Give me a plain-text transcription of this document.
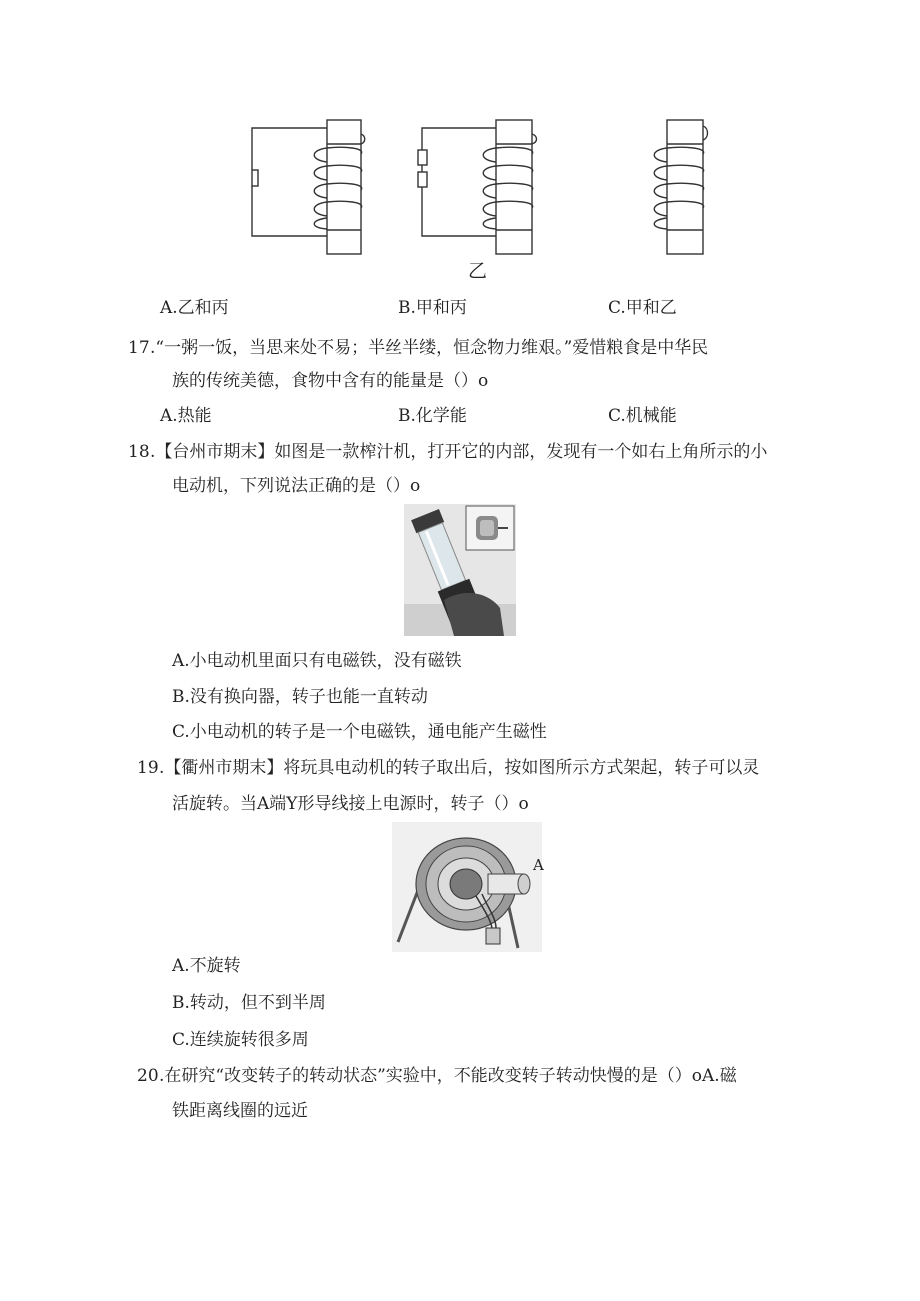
乙
A.乙和丙	B.甲和丙	C.甲和乙
17 .“一粥一饭，当思来处不易；半丝半缕，恒念物力维艰。”爱惜粮食是中华民
族的传统美德，食物中含有的能量是（）o
A.热能	B.化学能	C.机械能
18 .【台州市期末】如图是一款榨汁机，打开它的内部，发现有一个如右上角所示的小
电动机，下列说法正确的是（）o
A.小电动机里面只有电磁铁，没有磁铁
B.没有换向器，转子也能一直转动
C.小电动机的转子是一个电磁铁，通电能产生磁性
19 .【衢州市期末】将玩具电动机的转子取出后，按如图所示方式架起，转子可以灵
活旋转。当A端Y形导线接上电源时，转子（）o
A
A.不旋转
B.转动，但不到半周
C.连续旋转很多周
20 .在研究“改变转子的转动状态”实验中，不能改变转子转动快慢的是（）oA.磁
铁距离线圈的远近
